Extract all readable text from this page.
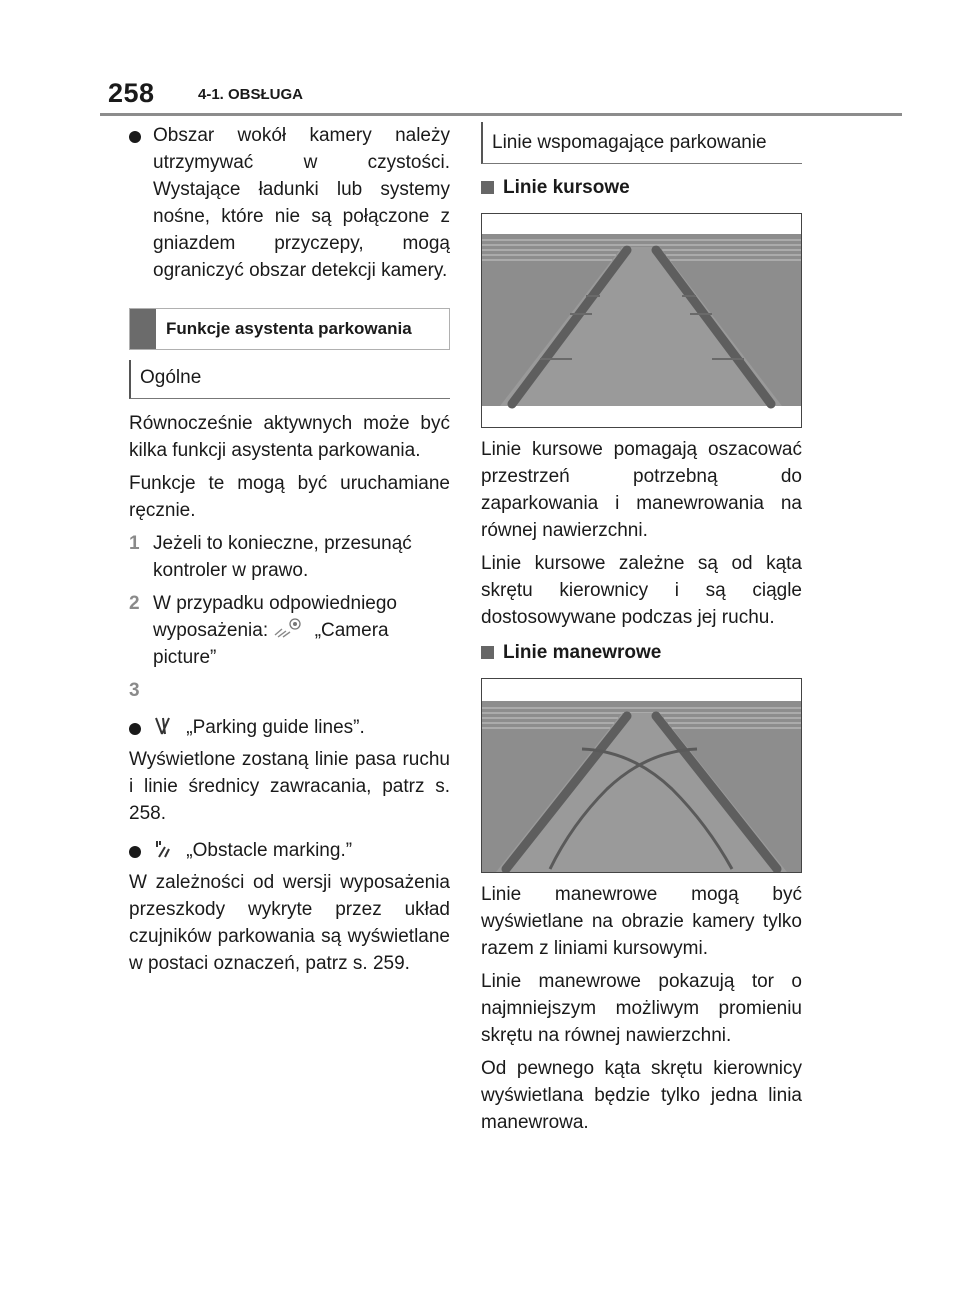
258	4-1. OBSŁUGA

Obszar wokół kamery należy utrzymywać w czystości. Wystające ładunki lub systemy nośne, które nie są połączone z gniazdem przyczepy, mogą ograniczyć obszar detekcji kamery.

Funkcje asystenta parkowania
Ogólne

Równocześnie aktywnych może być kilka funkcji asystenta parkowania.

Funkcje te mogą być uruchamiane ręcznie.

1 Jeżeli to konieczne, przesunąć kontroler w prawo.

2 W przypadku odpowiedniego wyposażenia: „Camera picture”

3
„Parking guide lines”.

Wyświetlone zostaną linie pasa ruchu i linie średnicy zawracania, patrz s. 258.

„Obstacle marking.”

W zależności od wersji wyposażenia przeszkody wykryte przez układ czujników parkowania są wyświetlane w postaci oznaczeń, patrz s. 259.

Linie wspomagające parkowanie
Linie kursowe

Linie kursowe pomagają oszacować przestrzeń potrzebną do zaparkowania i manewrowania na równej nawierzchni.

Linie kursowe zależne są od kąta skrętu kierownicy i są ciągle dostosowywane podczas jej ruchu.

Linie manewrowe

Linie manewrowe mogą być wyświetlane na obrazie kamery tylko razem z liniami kursowymi.

Linie manewrowe pokazują tor o najmniejszym możliwym promieniu skrętu na równej nawierzchni.

Od pewnego kąta skrętu kierownicy wyświetlana będzie tylko jedna linia manewrowa.
